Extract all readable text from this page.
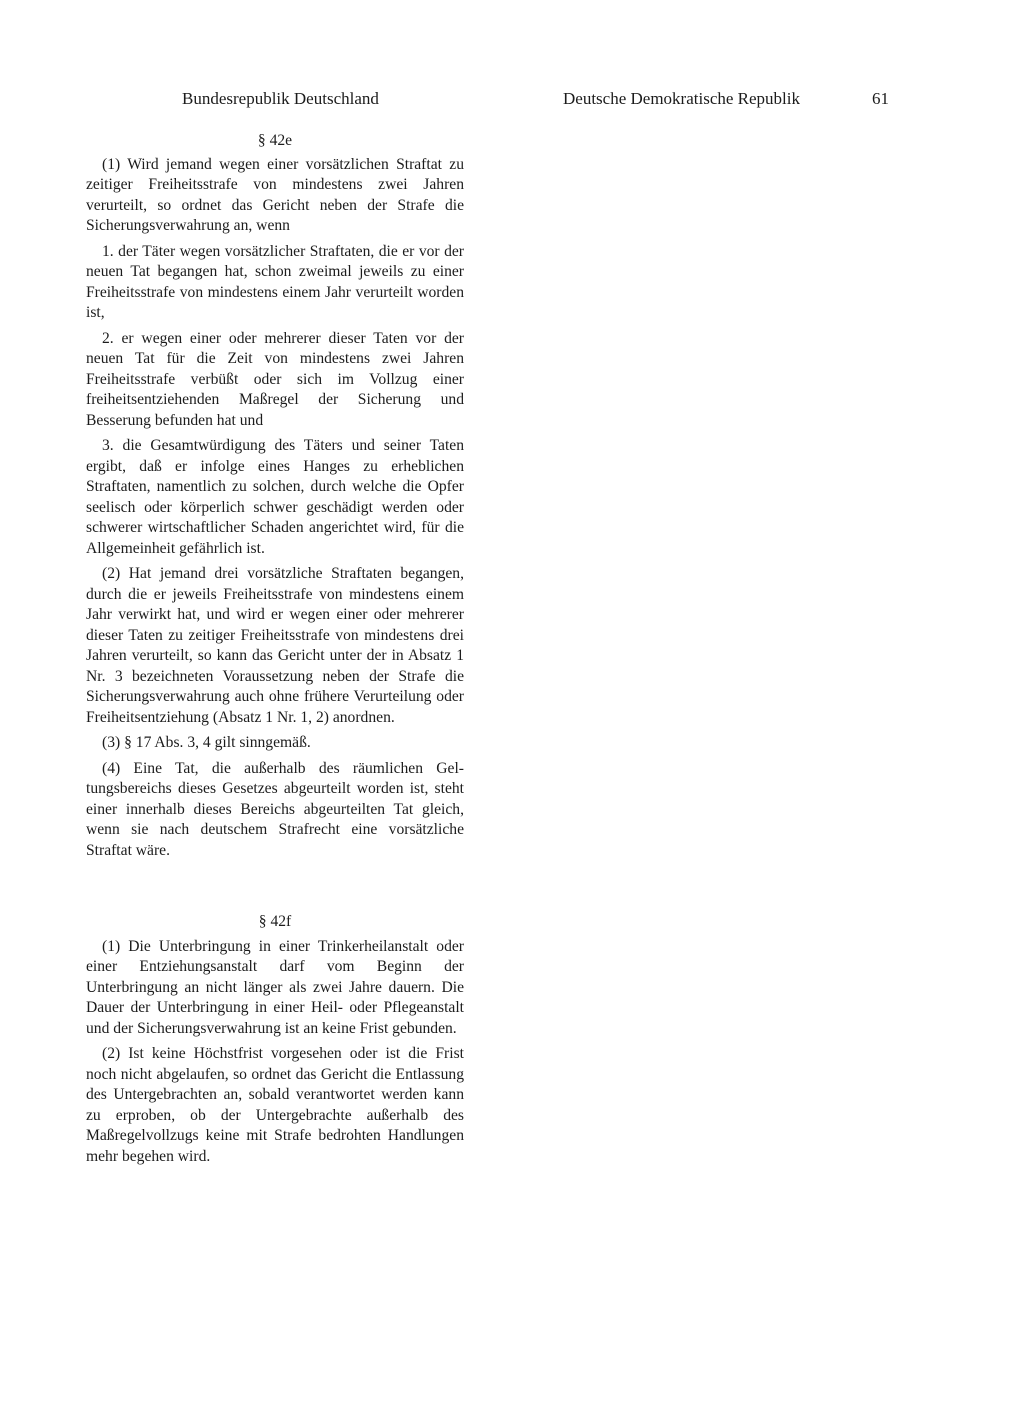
Bundesrepublik Deutschland	Deutsche Demokratische Republik	61
§ 42e

(1) Wird jemand wegen einer vorsätzlichen Straftat zu zeitiger Freiheitsstrafe von mindestens zwei Jahren verurteilt, so ordnet das Gericht neben der Strafe die Sicherungsverwahrung an, wenn

1. der Täter wegen vorsätzlicher Straftaten, die er vor der neuen Tat begangen hat, schon zweimal jeweils zu einer Freiheitsstrafe von mindestens einem Jahr verurteilt worden ist,

2. er wegen einer oder mehrerer dieser Taten vor der neuen Tat für die Zeit von mindestens zwei Jahren Freiheitsstrafe verbüßt oder sich im Vollzug einer freiheitsentziehenden Maßregel der Sicherung und Besserung befunden hat und

3. die Gesamtwürdigung des Täters und seiner Taten ergibt, daß er infolge eines Hanges zu erheblichen Straftaten, namentlich zu solchen, durch welche die Opfer seelisch oder körperlich schwer geschädigt werden oder schwerer wirtschaftlicher Schaden angerichtet wird, für die Allgemeinheit gefährlich ist.

(2) Hat jemand drei vorsätzliche Straftaten begangen, durch die er jeweils Freiheitsstrafe von mindestens einem Jahr verwirkt hat, und wird er wegen einer oder mehrerer dieser Taten zu zeitiger Freiheitsstrafe von mindestens drei Jahren verurteilt, so kann das Gericht unter der in Absatz 1 Nr. 3 bezeichneten Voraussetzung neben der Strafe die Sicherungsverwahrung auch ohne frühere Verurteilung oder Freiheitsentziehung (Absatz 1 Nr. 1, 2) anordnen.

(3) § 17 Abs. 3, 4 gilt sinngemäß.

(4) Eine Tat, die außerhalb des räumlichen Geltungsbereichs dieses Gesetzes abgeurteilt worden ist, steht einer innerhalb dieses Bereichs abgeurteilten Tat gleich, wenn sie nach deutschem Strafrecht eine vorsätzliche Straftat wäre.

§ 42f

(1) Die Unterbringung in einer Trinkerheilanstalt oder einer Entziehungsanstalt darf vom Beginn der Unterbringung an nicht länger als zwei Jahre dauern. Die Dauer der Unterbringung in einer Heil- oder Pflegeanstalt und der Sicherungsverwahrung ist an keine Frist gebunden.

(2) Ist keine Höchstfrist vorgesehen oder ist die Frist noch nicht abgelaufen, so ordnet das Gericht die Entlassung des Untergebrachten an, sobald verantwortet werden kann zu erproben, ob der Untergebrachte außerhalb des Maßregelvollzugs keine mit Strafe bedrohten Handlungen mehr begehen wird.
